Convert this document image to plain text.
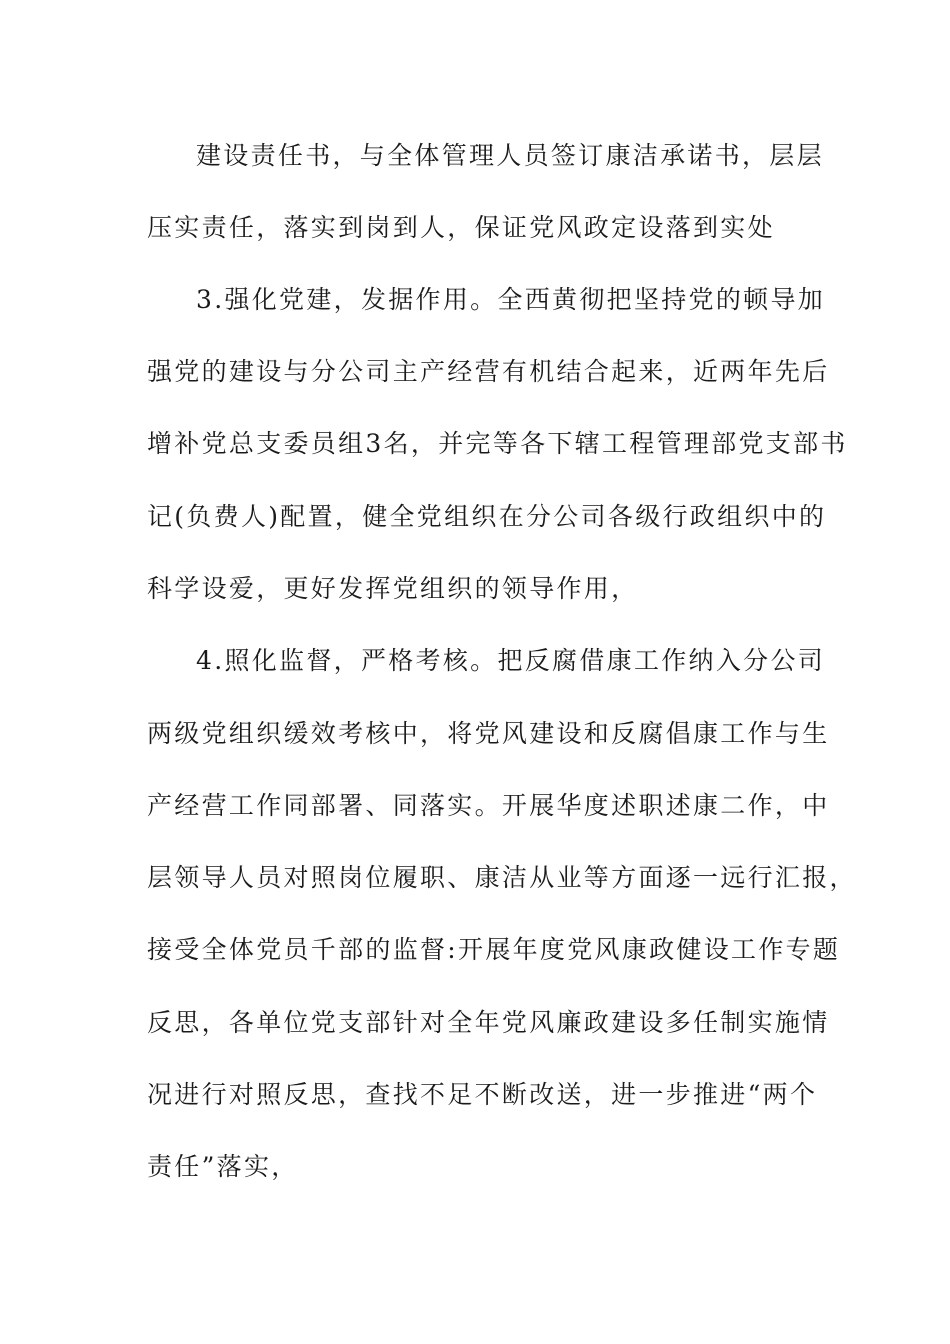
建设责任书，与全体管理人员签订康洁承诺书，层层
压实责任，落实到岗到人，保证党风政定设落到实处
3.强化党建，发据作用。全西黄彻把坚持党的顿导加
强党的建设与分公司主产经营有机结合起来，近两年先后
增补党总支委员组3名，并完等各下辖工程管理部党支部书
记(负费人)配置，健全党组织在分公司各级行政组织中的
科学设爱，更好发挥党组织的领导作用，
4.照化监督，严格考核。把反腐借康工作纳入分公司
两级党组织缓效考核中，将党风建设和反腐倡康工作与生
产经营工作同部署、同落实。开展华度述职述康二作，中
层领导人员对照岗位履职、康洁从业等方面逐一远行汇报，
接受全体党员千部的监督:开展年度党风康政健设工作专题
反思，各单位党支部针对全年党风廉政建设多任制实施情
况进行对照反思，查找不足不断改送，进一步推进“两个
责任”落实，
